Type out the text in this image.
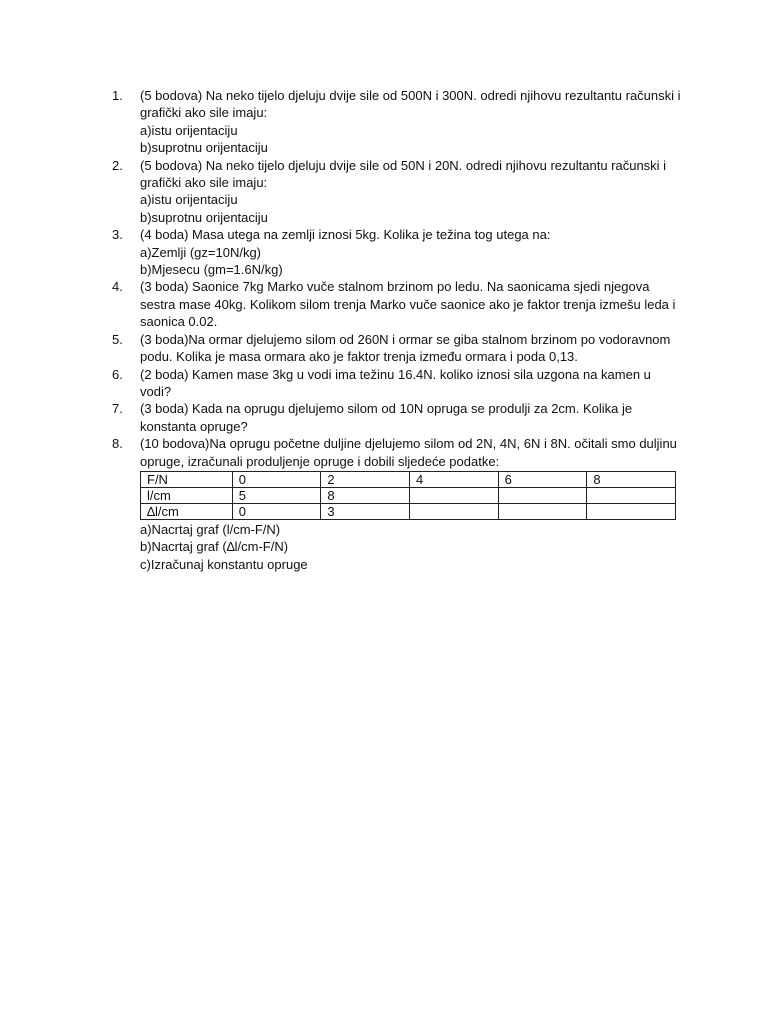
1.	(5 bodova) Na neko tijelo djeluju dvije sile od 500N i 300N. odredi njihovu rezultantu računski i grafički ako sile imaju:
a)istu orijentaciju
b)suprotnu orijentaciju
2.	(5 bodova) Na neko tijelo djeluju dvije sile od 50N i 20N. odredi njihovu rezultantu računski i grafički ako sile imaju:
a)istu orijentaciju
b)suprotnu orijentaciju
3.	(4 boda) Masa utega na zemlji iznosi 5kg. Kolika je težina tog utega na:
a)Zemlji (gz=10N/kg)
b)Mjesecu (gm=1.6N/kg)
4.	(3 boda) Saonice 7kg Marko vuče stalnom brzinom po ledu. Na saonicama sjedi njegova sestra mase 40kg. Kolikom silom trenja Marko vuče saonice ako je faktor trenja izmešu leda i saonica 0.02.
5.	(3 boda)Na ormar djelujemo silom od 260N i ormar se giba stalnom brzinom po vodoravnom podu. Kolika je masa ormara ako je faktor trenja između ormara i poda 0,13.
6.	(2 boda) Kamen mase 3kg u vodi ima težinu 16.4N. koliko iznosi sila uzgona na kamen u vodi?
7.	(3 boda) Kada na oprugu djelujemo silom od 10N opruga se produlji za 2cm. Kolika je konstanta opruge?
8.	(10 bodova)Na oprugu početne duljine djelujemo silom od 2N, 4N, 6N i 8N. očitali smo duljinu opruge, izračunali produljenje opruge i dobili sljedeće podatke:
F/N	0	2	4	6	8
l/cm	5	8			
∆l/cm	0	3			
a)Nacrtaj graf (l/cm-F/N)
b)Nacrtaj graf (∆l/cm-F/N)
c)Izračunaj konstantu opruge
